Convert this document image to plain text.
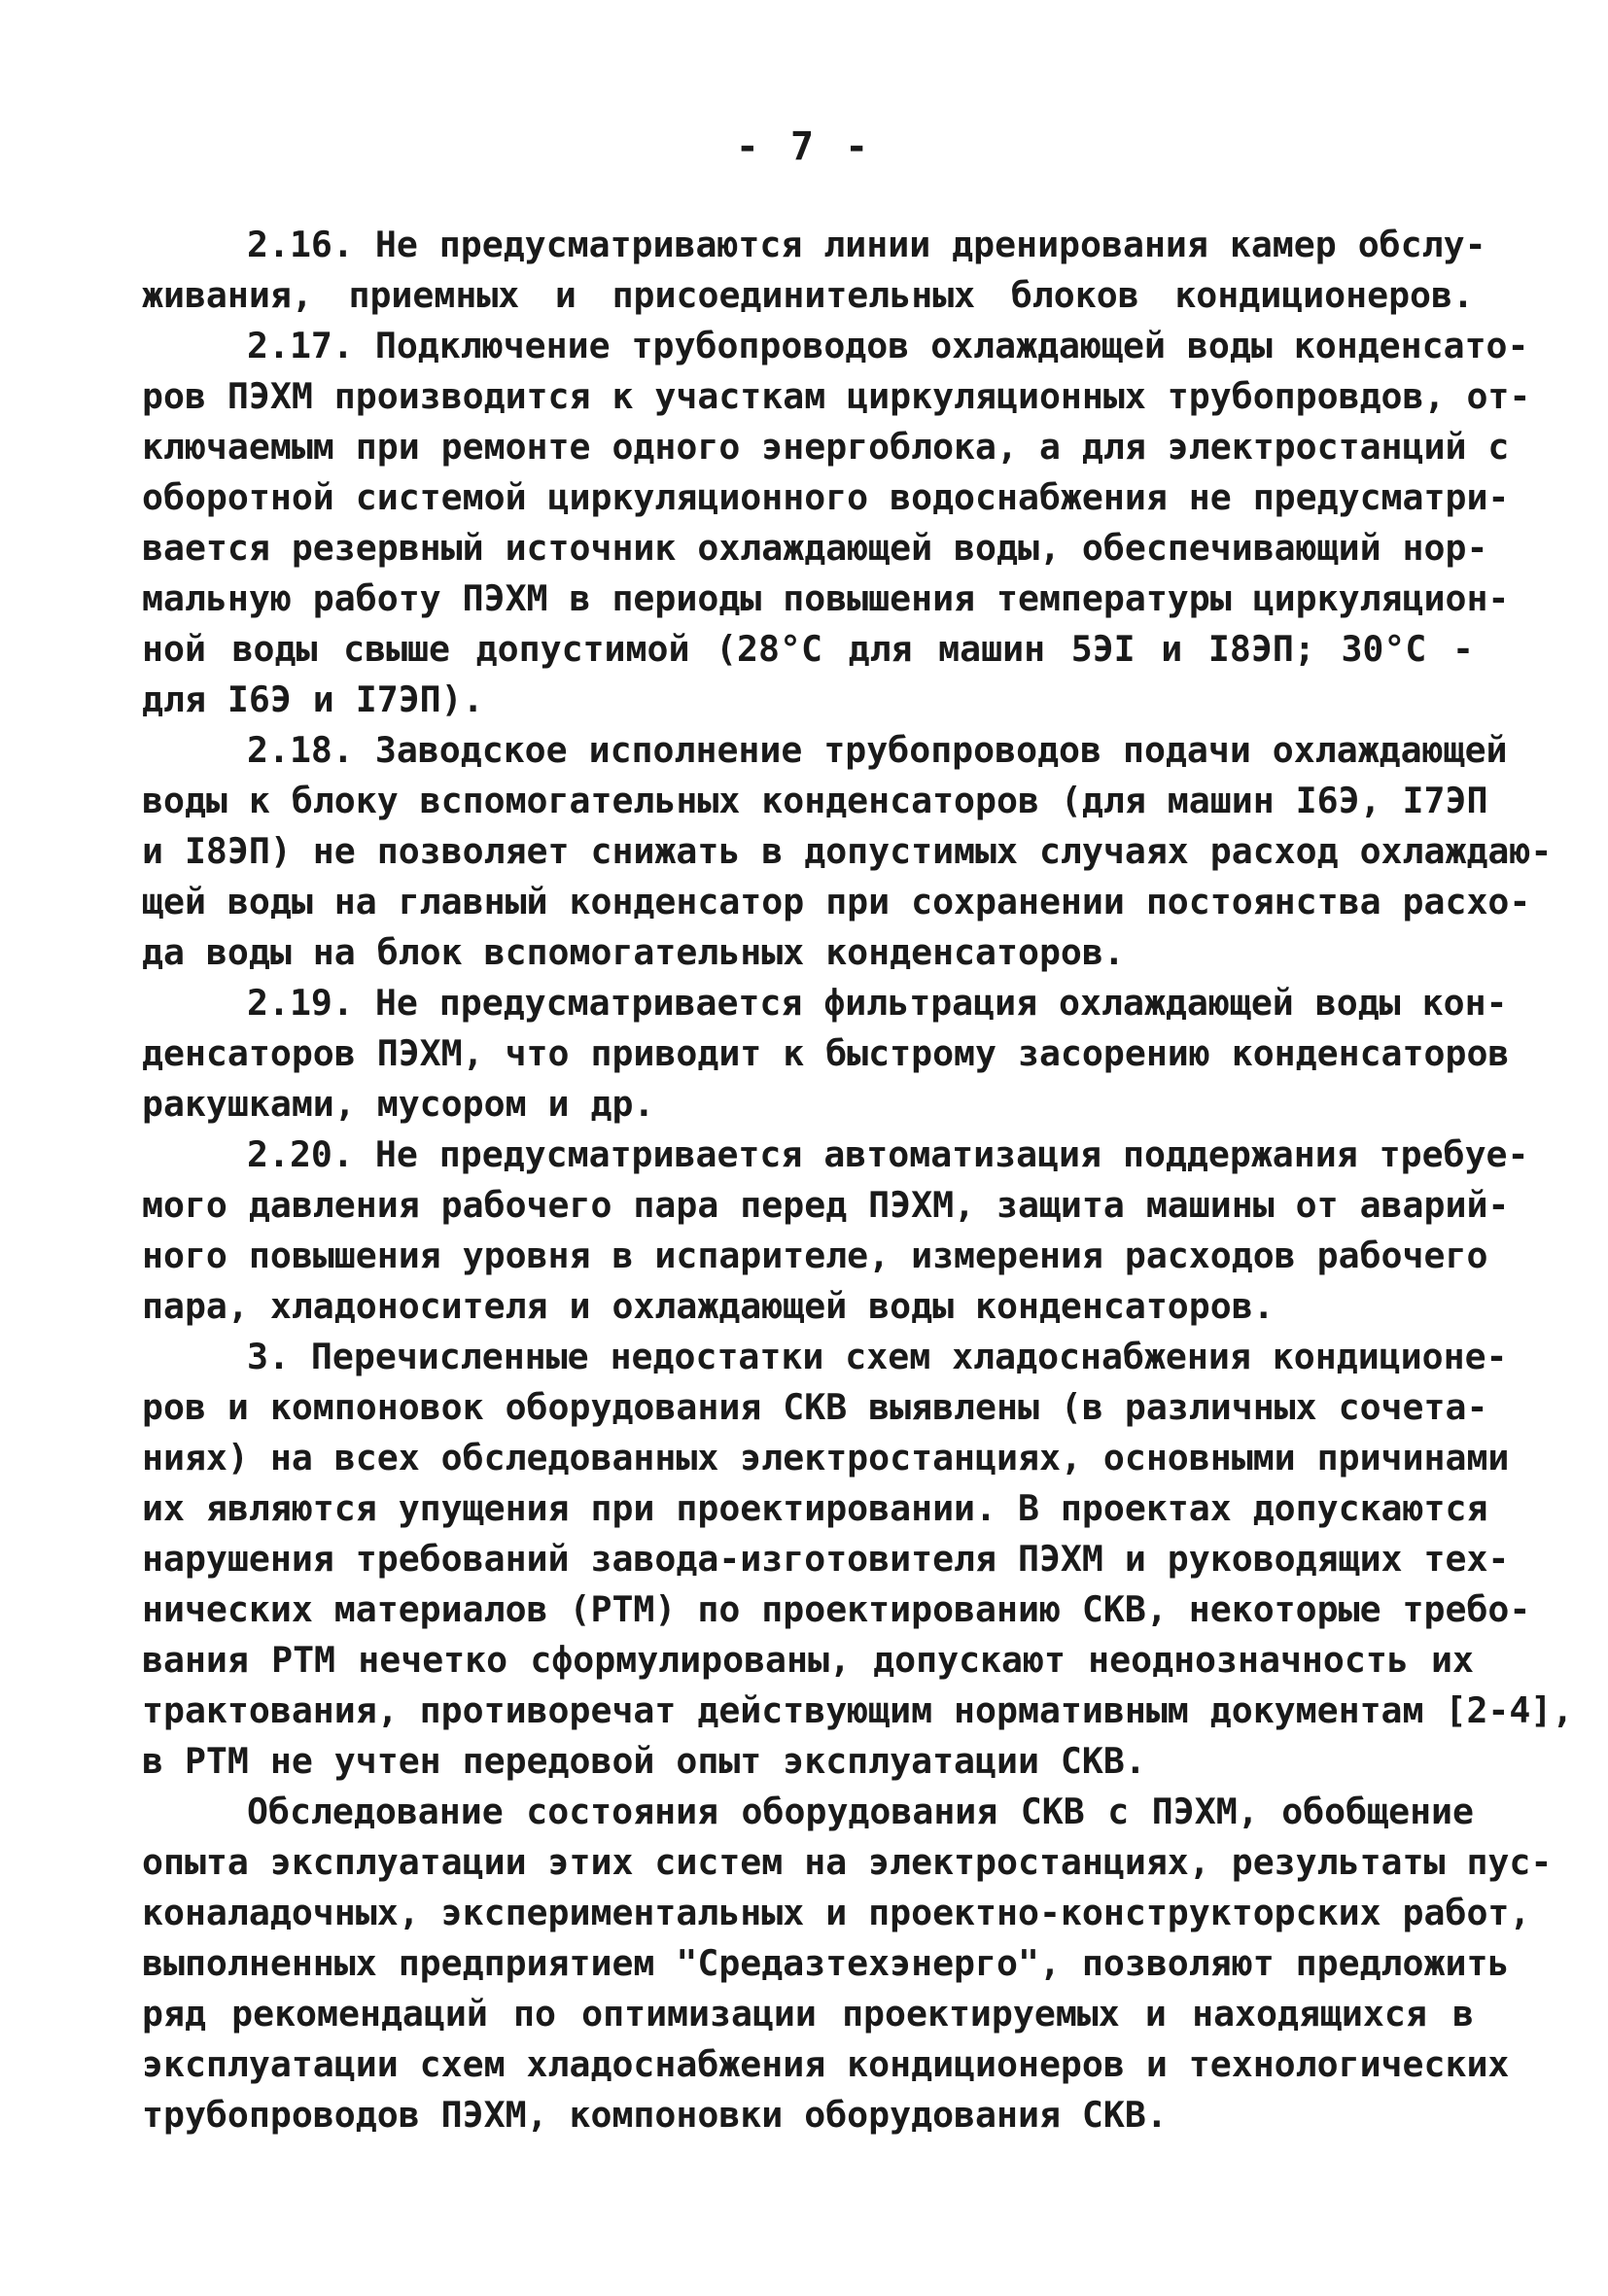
- 7 -
2.16. Не предусматриваются линии дренирования камер обслу-
живания, приемных и присоединительных блоков кондиционеров.
2.17. Подключение трубопроводов охлаждающей воды конденсато-
ров ПЭХМ производится к участкам циркуляционных трубопровдов, от-
ключаемым при ремонте одного энергоблока, а для электростанций с
оборотной системой циркуляционного водоснабжения не предусматри-
вается резервный источник охлаждающей воды, обеспечивающий нор-
мальную работу ПЭХМ в периоды повышения температуры циркуляцион-
ной воды свыше допустимой (28°С для машин 5ЭI и I8ЭП; 30°С -
для I6Э и I7ЭП).
2.18. Заводское исполнение трубопроводов подачи охлаждающей
воды к блоку вспомогательных конденсаторов (для машин I6Э, I7ЭП
и I8ЭП) не позволяет снижать в допустимых случаях расход охлаждаю-
щей воды на главный конденсатор при сохранении постоянства расхо-
да воды на блок вспомогательных конденсаторов.
2.19. Не предусматривается фильтрация охлаждающей воды кон-
денсаторов ПЭХМ, что приводит к быстрому засорению конденсаторов
ракушками, мусором и др.
2.20. Не предусматривается автоматизация поддержания требуе-
мого давления рабочего пара перед ПЭХМ, защита машины от аварий-
ного повышения уровня в испарителе, измерения расходов рабочего
пара, хладоносителя и охлаждающей воды конденсаторов.
3. Перечисленные недостатки схем хладоснабжения кондиционе-
ров и компоновок оборудования СКВ выявлены (в различных сочета-
ниях) на всех обследованных электростанциях, основными причинами
их являются упущения при проектировании. В проектах допускаются
нарушения требований завода-изготовителя ПЭХМ и руководящих тех-
нических материалов (РТМ) по проектированию СКВ, некоторые требо-
вания РТМ нечетко сформулированы, допускают неоднозначность их
трактования, противоречат действующим нормативным документам [2-4],
в РТМ не учтен передовой опыт эксплуатации СКВ.
Обследование состояния оборудования СКВ с ПЭХМ, обобщение
опыта эксплуатации этих систем на электростанциях, результаты пус-
коналадочных, экспериментальных и проектно-конструкторских работ,
выполненных предприятием "Средазтехэнерго", позволяют предложить
ряд рекомендаций по оптимизации проектируемых и находящихся в
эксплуатации схем хладоснабжения кондиционеров и технологических
трубопроводов ПЭХМ, компоновки оборудования СКВ.
